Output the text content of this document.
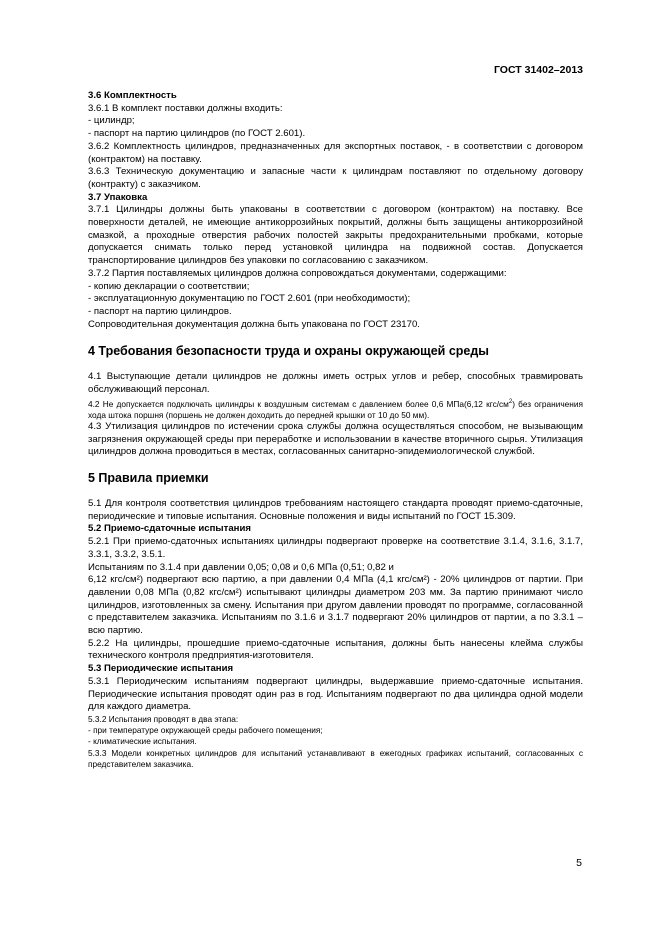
ГОСТ 31402–2013

3.6 Комплектность

3.6.1 В комплект поставки должны входить:

- цилиндр;

- паспорт на партию цилиндров (по ГОСТ 2.601).

3.6.2 Комплектность цилиндров, предназначенных для экспортных поставок, - в соответствии с договором (контрактом) на поставку.

3.6.3 Техническую документацию и запасные части к цилиндрам поставляют по отдельному договору (контракту) с заказчиком.

3.7 Упаковка

3.7.1 Цилиндры должны быть упакованы в соответствии с договором (контрактом) на поставку. Все поверхности деталей, не имеющие антикоррозийных покрытий, должны быть защищены антикоррозийной смазкой, а проходные отверстия рабочих полостей закрыты предохранительными пробками, которые допускается снимать только перед установкой цилиндра на подвижной состав. Допускается транспортирование цилиндров без упаковки по согласованию с заказчиком.

3.7.2 Партия поставляемых цилиндров должна сопровождаться документами, содержащими:

- копию декларации о соответствии;

- эксплуатационную документацию по ГОСТ 2.601 (при необходимости);

- паспорт на партию цилиндров.

Сопроводительная документация должна быть упакована по ГОСТ 23170.

4 Требования безопасности труда и охраны окружающей среды

4.1 Выступающие детали цилиндров не должны иметь острых углов и ребер, способных травмировать обслуживающий персонал.

4.2 Не допускается подключать цилиндры к воздушным системам с давлением более 0,6 МПа(6,12 кгс/$см^2$) без ограничения хода штока поршня (поршень не должен доходить до передней крышки от 10 до 50 мм).

4.3 Утилизация цилиндров по истечении срока службы должна осуществляться способом, не вызывающим загрязнения окружающей среды при переработке и использовании в качестве вторичного сырья. Утилизация цилиндров должна проводиться в местах, согласованных санитарно-эпидемиологической службой.

5 Правила приемки

5.1 Для контроля соответствия цилиндров требованиям настоящего стандарта проводят приемо-сдаточные, периодические и типовые испытания. Основные положения и виды испытаний по ГОСТ 15.309.

5.2 Приемо-сдаточные испытания

5.2.1 При приемо-сдаточных испытаниях цилиндры подвергают проверке на соответствие 3.1.4, 3.1.6, 3.1.7, 3.3.1, 3.3.2, 3.5.1.

Испытаниям по 3.1.4 при давлении 0,05; 0,08 и 0,6 МПа (0,51; 0,82 и

6,12 кгс/см²) подвергают всю партию, а при давлении 0,4 МПа (4,1 кгс/см²) - 20% цилиндров от партии. При давлении 0,08 МПа (0,82 кгс/см²) испытывают цилиндры диаметром 203 мм. За партию принимают число цилиндров, изготовленных за смену. Испытания при другом давлении проводят по программе, согласованной с представителем заказчика. Испытаниям по 3.1.6 и 3.1.7 подвергают 20% цилиндров от партии, а по 3.3.1 – всю партию.

5.2.2 На цилиндры, прошедшие приемо-сдаточные испытания, должны быть нанесены клейма службы технического контроля предприятия-изготовителя.

5.3 Периодические испытания

5.3.1 Периодическим испытаниям подвергают цилиндры, выдержавшие приемо-сдаточные испытания. Периодические испытания проводят один раз в год. Испытаниям подвергают по два цилиндра одной модели для каждого диаметра.

5.3.2 Испытания проводят в два этапа:

- при температуре окружающей среды рабочего помещения;

- климатические испытания.

5.3.3 Модели конкретных цилиндров для испытаний устанавливают в ежегодных графиках испытаний, согласованных с представителем заказчика.

5
